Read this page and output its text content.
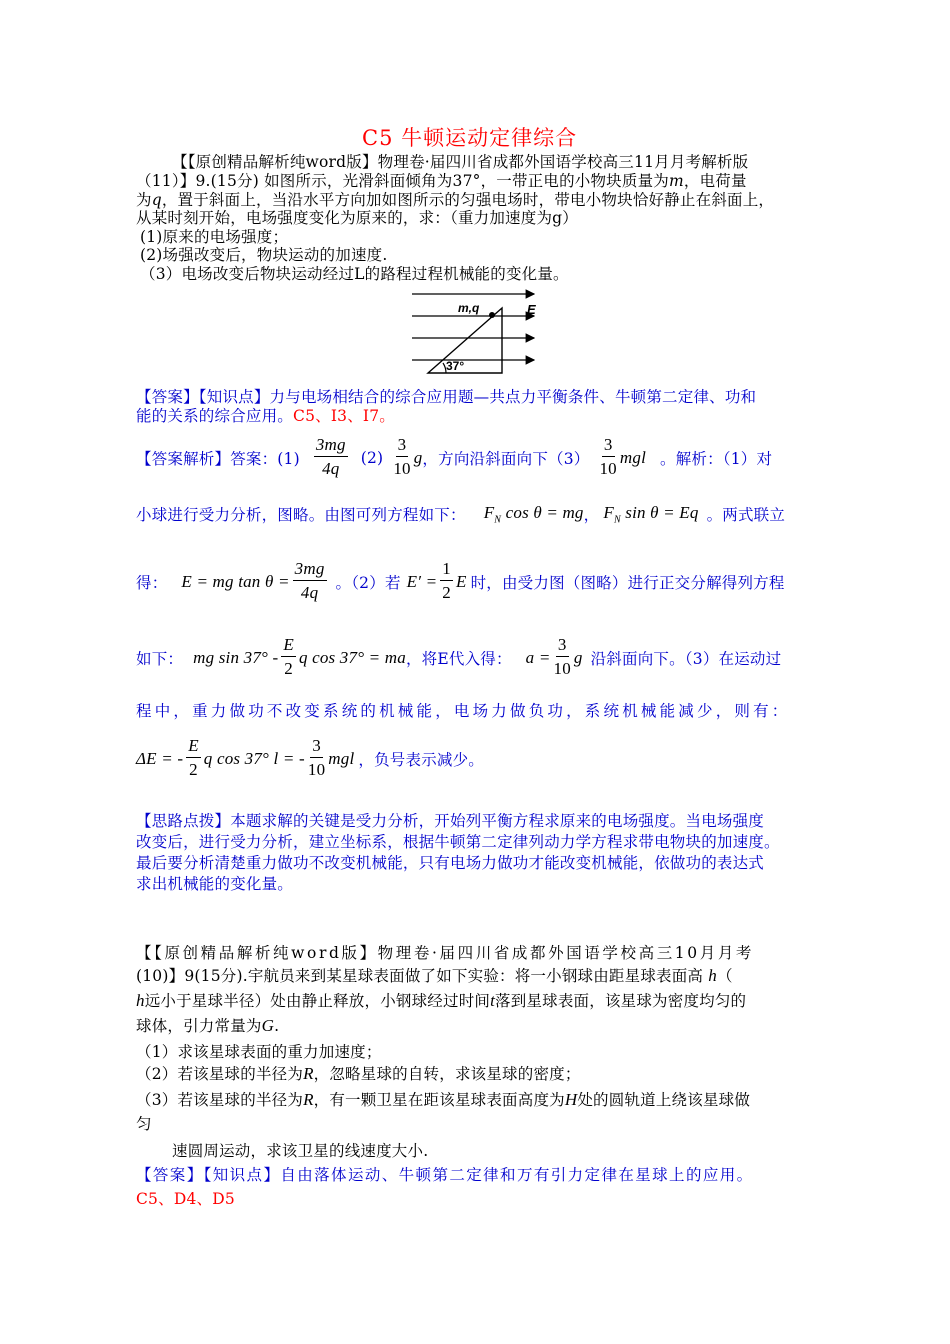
C5 牛顿运动定律综合
【【原创精品解析纯word版】物理卷·届四川省成都外国语学校高三11月月考解析版
（11）】9.(15分) 如图所示，光滑斜面倾角为37°，一带正电的小物块质量为m，电荷量
为q，置于斜面上，当沿水平方向加如图所示的匀强电场时，带电小物块恰好静止在斜面上，
从某时刻开始，电场强度变化为原来的，求：（重力加速度为g）
(1)原来的电场强度；
(2)场强改变后，物块运动的加速度.
（3）电场改变后物块运动经过L的路程过程机械能的变化量。
m,q	E
37°
【答案】【知识点】力与电场相结合的综合应用题—共点力平衡条件、牛顿第二定律、功和
能的关系的综合应用。C5、I3、I7。
【答案解析】答案：$(1) \frac{3mg}{4q} (2) \frac{3}{10}$ g ，方向沿斜面向下$(3) \frac{3}{10}$ mgl 。解析：（1）对
小球进行受力分析，图略。由图可列方程如下： $F_N$ cos θ = mg ， $F_N$ sin θ = Eq 。两式联立
得： E = mg $\tan \theta = \frac{3mg}{4q}$ 。（2）若 $E' = \frac{1}{2}$ E 时，由受力图（图略）进行正交分解得列方程
如下： mg $\sin 37^\circ - \frac{E}{2}$ q cos 37° = ma ，将E代入得： $a = \frac{3}{10}$ g 沿斜面向下。（3）在运动过
程中，重力做功不改变系统的机械能，电场力做负功，系统机械能减少，则有：
ΔE = - $\frac{E}{2}$ q cos 37° l = - $\frac{3}{10}$ mgl ，负号表示减少。
【思路点拨】本题求解的关键是受力分析，开始列平衡方程求原来的电场强度。当电场强度
改变后，进行受力分析，建立坐标系，根据牛顿第二定律列动力学方程求带电物块的加速度。
最后要分析清楚重力做功不改变机械能，只有电场力做功才能改变机械能，依做功的表达式
求出机械能的变化量。
【【原创精品解析纯word版】物理卷·届四川省成都外国语学校高三10月月考
(10)】9(15分).宇航员来到某星球表面做了如下实验：将一小钢球由距星球表面高 h（
h远小于星球半径）处由静止释放，小钢球经过时间t落到星球表面，该星球为密度均匀的
球体，引力常量为G.
（1）求该星球表面的重力加速度；
（2）若该星球的半径为R，忽略星球的自转，求该星球的密度；
（3）若该星球的半径为R，有一颗卫星在距该星球表面高度为H处的圆轨道上绕该星球做
匀
速圆周运动，求该卫星的线速度大小.
【答案】【知识点】自由落体运动、牛顿第二定律和万有引力定律在星球上的应用。
C5、D4、D5
